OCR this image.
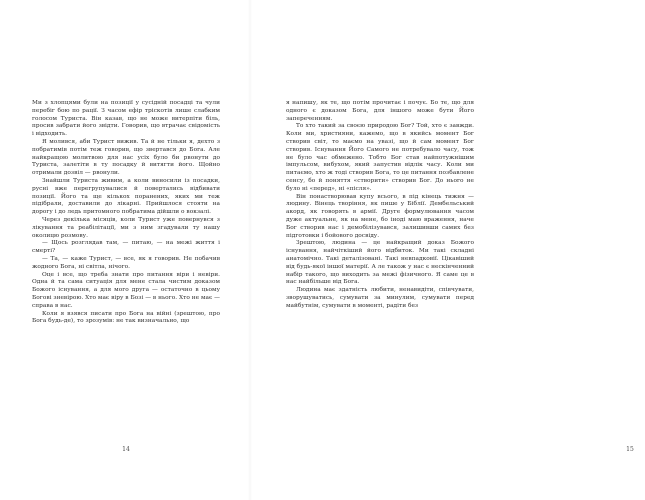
Ми з хлопцями були на позиції у сусідній посадці та чули перебіг бою по рації. З часом ефір тріскотів лише слабким голосом Туриста. Він казав, що не може витерпіти біль, просив забрати його звідти. Говорив, що втрачає свідомість і відходить.

Я молився, аби Турист вижив. Та й не тільки я, дехто з побратимів потім теж говорив, що звертався до Бога. Але найкращою молитвою для нас усіх було би рвонути до Туриста, залетіти в ту посадку й витягти його. Щойно отримали дозвіл — рвонули.

Знайшли Туриста живим, а коли виносили із посадки, русні вже перегрупувалися й повертались відбивати позиції. Його та ще кількох поранених, яких ми теж підібрали, доставили до лікарні. Прийшлося стояти на дорогу і до ледь притомного побратима дійшли о вокзалі.

Через декілька місяців, коли Турист уже повернувся з лікування та реабілітації, ми з ним згадували ту нашу околицю розмову.

— Щось розглядав там, — питаю, — на межі життя і смерті?

— Та, — каже Турист, — все, як я говорив. Не побачив жодного Бога, ні світла, нічого.

Оце і все, що треба знати про питання віри і невіри. Одна й та сама ситуація для мене стала чистим доказом Божого існування, а для мого друга — остаточно в цьому Богові зневірою. Хто має віру в Бозі — в нього. Хто не має — справа в нас.

Коли я взявся писати про Бога на війні (зрештою, про Бога будь-де), то зрозумів: не так визначально, що

14	15

я напишу, як те, що потім прочитає і почує. Бо те, що для одного є доказом Бога, для іншого може бути Його запереченням.

То хто такий за своєю природою Бог? Той, хто є завжди. Коли ми, християни, кажемо, що в якийсь момент Бог створив світ, то маємо на увазі, що й сам момент Бог створив. Існування Його Самого не потребувало часу, тож не було час обмежено. Тобто Бог став найпотужнішим імпульсом, вибухом, який запустив відлік часу. Коли ми питаємо, хто ж тоді створив Бога, то це питання позбавлене сенсу, бо й поняття «створити» створив Бог. До нього не було ні «перед», ні «після».

Він понастворював купу всього, в під кінець тижня — людину. Вінець творіння, як пише у Біблії. Дембельський акорд, як говорять в армії. Друге формулювання часом дуже актуальне, як на мене, бо іноді маю враження, наче Бог створив нас і демобілізувався, залишивши самих без підготовки і бойового досвіду.

Зрештою, людина — це найкращий доказ Божого існування, найчіткіший його відбиток. Ми такі складні анатомічно. Такі деталізовані. Такі невпадковії. Цікавіший від будь-якої іншої матерії. А ле також у нас є нескінченний набір такого, що виходить за межі фізичного. Я саме це в нас найбільше від Бога.

Людина має здатність любити, ненавидіти, співчувати, зворушуватись, сумувати за минулим, сумувати перед майбутнім, сумувати в моменті, радіти без
